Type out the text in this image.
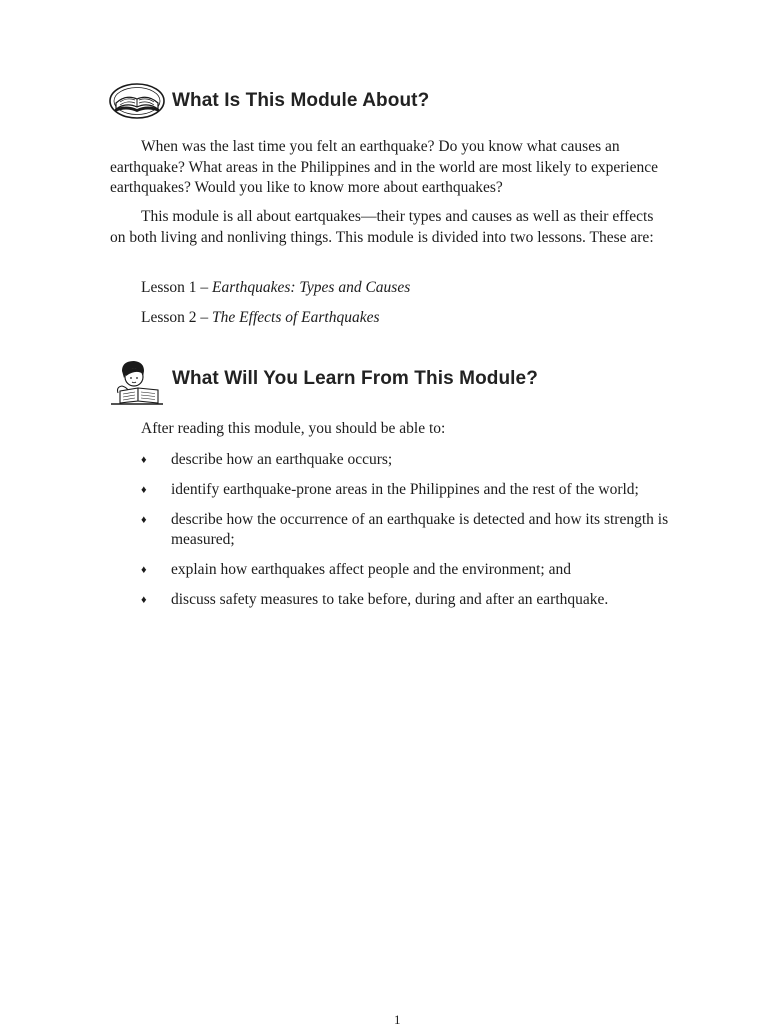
What Is This Module About?

When was the last time you felt an earthquake? Do you know what causes an earthquake? What areas in the Philippines and in the world are most likely to experience earthquakes? Would you like to know more about earthquakes?

This module is all about eartquakes—their types and causes as well as their effects on both living and nonliving things. This module is divided into two lessons. These are:

Lesson 1 – Earthquakes: Types and Causes
Lesson 2 – The Effects of Earthquakes
What Will You Learn From This Module?
After reading this module, you should be able to:
♦ describe how an earthquake occurs;
♦ identify earthquake-prone areas in the Philippines and the rest of the world;
♦ describe how the occurrence of an earthquake is detected and how its strength is measured;
♦ explain how earthquakes affect people and the environment; and
♦ discuss safety measures to take before, during and after an earthquake.
1
